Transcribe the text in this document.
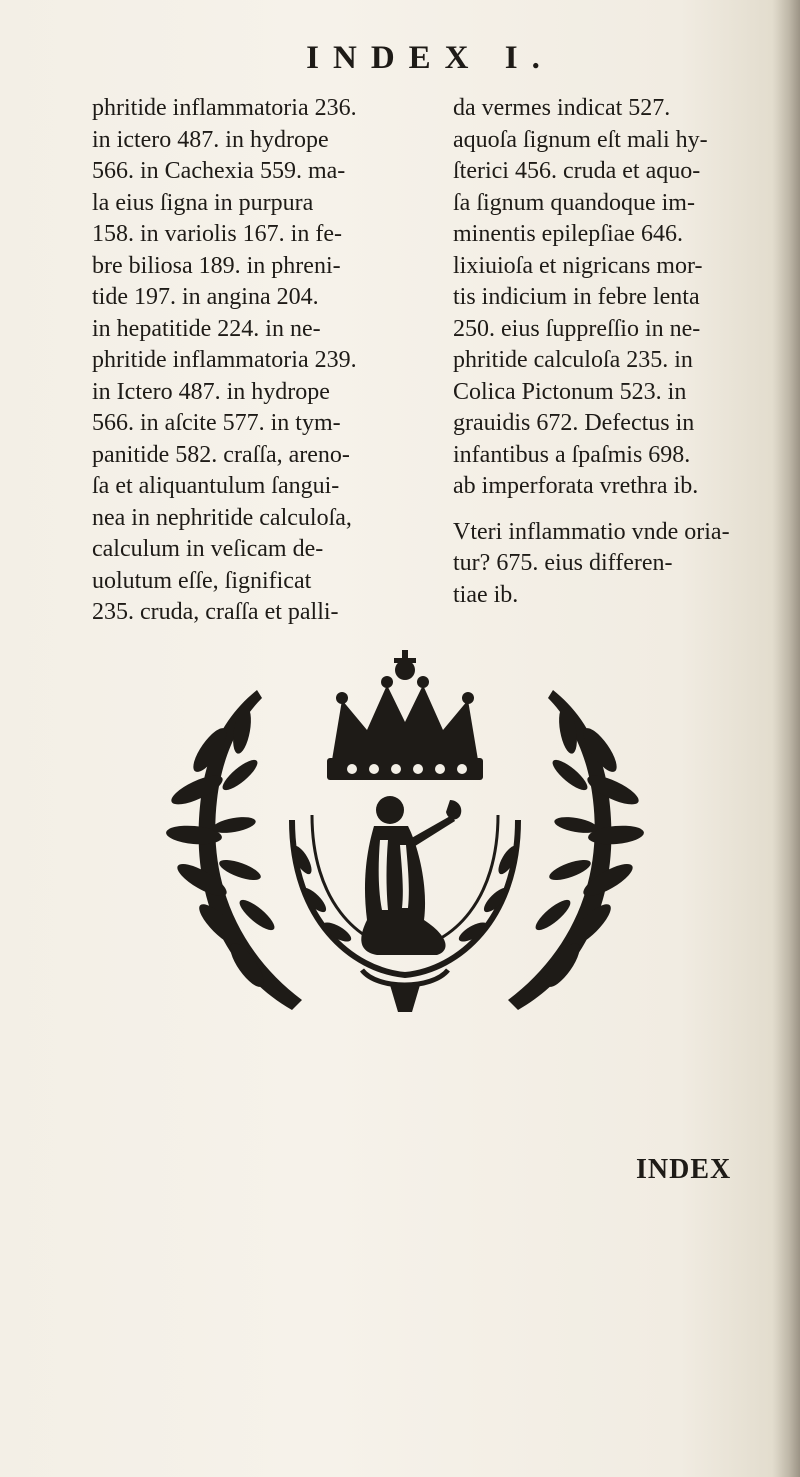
INDEX I.
phritide inflammatoria 236.
in ictero 487. in hydrope
566. in Cachexia 559. ma-
la eius ſigna in purpura
158. in variolis 167. in fe-
bre biliosa 189. in phreni-
tide 197. in angina 204.
in hepatitide 224. in ne-
phritide inflammatoria 239.
in Ictero 487. in hydrope
566. in aſcite 577. in tym-
panitide 582. craſſa, areno-
ſa et aliquantulum ſangui-
nea in nephritide calculoſa,
calculum in veſicam de-
uolutum eſſe, ſignificat
235. cruda, craſſa et palli-
da vermes indicat 527.
aquoſa ſignum eſt mali hy-
ſterici 456. cruda et aquo-
ſa ſignum quandoque im-
minentis epilepſiae 646.
lixiuioſa et nigricans mor-
tis indicium in febre lenta
250. eius ſuppreſſio in ne-
phritide calculoſa 235. in
Colica Pictonum 523. in
grauidis 672. Defectus in
infantibus a ſpaſmis 698.
ab imperforata vrethra ib.
Vteri inflammatio vnde oria-
tur? 675. eius differen-
tiae ib.
INDEX
